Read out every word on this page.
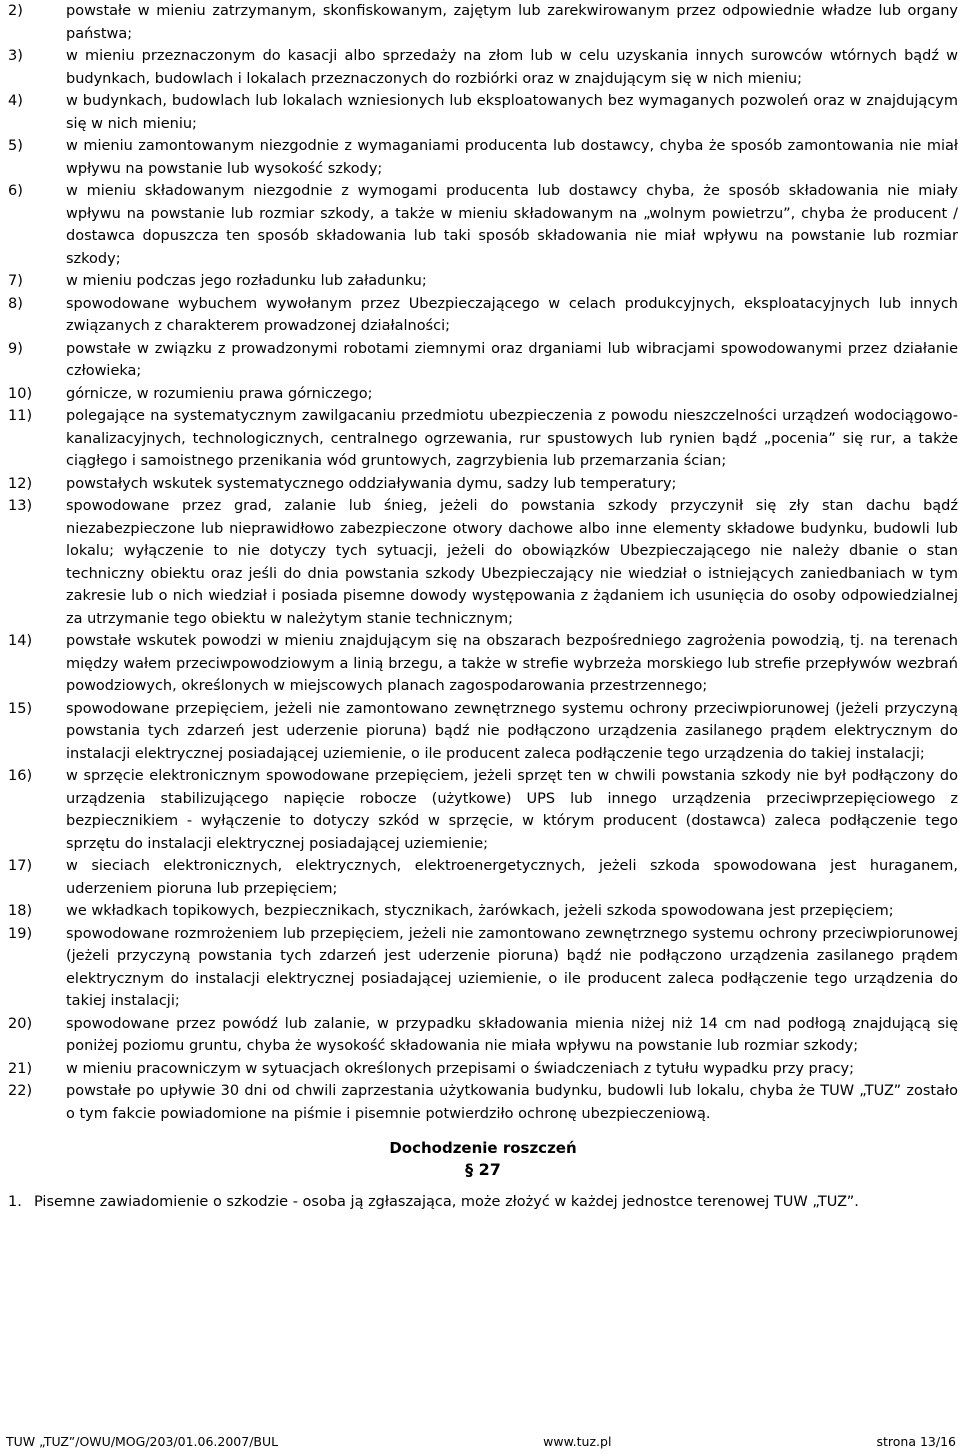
2)	powstałe w mieniu zatrzymanym, skonfiskowanym, zajętym lub zarekwirowanym przez odpowiednie władze lub organy państwa;
3)	w mieniu przeznaczonym do kasacji albo sprzedaży na złom lub w celu uzyskania innych surowców wtórnych bądź w budynkach, budowlach i lokalach przeznaczonych do rozbiórki oraz w znajdującym się w nich mieniu;
4)	w budynkach, budowlach lub lokalach wzniesionych lub eksploatowanych bez wymaganych pozwoleń oraz w znajdującym się w nich mieniu;
5)	w mieniu zamontowanym niezgodnie z wymaganiami producenta lub dostawcy, chyba że sposób zamontowania nie miał wpływu na powstanie lub wysokość szkody;
6)	w mieniu składowanym niezgodnie z wymogami producenta lub dostawcy chyba, że sposób składowania nie miały wpływu na powstanie lub rozmiar szkody, a także w mieniu składowanym na „wolnym powietrzu”, chyba że producent / dostawca dopuszcza ten sposób składowania lub taki sposób składowania nie miał wpływu na powstanie lub rozmiar szkody;
7)	w mieniu podczas jego rozładunku lub załadunku;
8)	spowodowane wybuchem wywołanym przez Ubezpieczającego w celach produkcyjnych, eksploatacyjnych lub innych związanych z charakterem prowadzonej działalności;
9)	powstałe w związku z prowadzonymi robotami ziemnymi oraz drganiami lub wibracjami spowodowanymi przez działanie człowieka;
10)	górnicze, w rozumieniu prawa górniczego;
11)	polegające na systematycznym zawilgacaniu przedmiotu ubezpieczenia z powodu nieszczelności urządzeń wodociągowo-kanalizacyjnych, technologicznych, centralnego ogrzewania, rur spustowych lub rynien bądź „pocenia” się rur, a także ciągłego i samoistnego przenikania wód gruntowych, zagrzybienia lub przemarzania ścian;
12)	powstałych wskutek systematycznego oddziaływania dymu, sadzy lub temperatury;
13)	spowodowane przez grad, zalanie lub śnieg, jeżeli do powstania szkody przyczynił się zły stan dachu bądź niezabezpieczone lub nieprawidłowo zabezpieczone otwory dachowe albo inne elementy składowe budynku, budowli lub lokalu; wyłączenie to nie dotyczy tych sytuacji, jeżeli do obowiązków Ubezpieczającego nie należy dbanie o stan techniczny obiektu oraz jeśli do dnia powstania szkody Ubezpieczający nie wiedział o istniejących zaniedbaniach w tym zakresie lub o nich wiedział i posiada pisemne dowody występowania z żądaniem ich usunięcia do osoby odpowiedzialnej za utrzymanie tego obiektu w należytym stanie technicznym;
14)	powstałe wskutek powodzi w mieniu znajdującym się na obszarach bezpośredniego zagrożenia powodzią, tj. na terenach między wałem przeciwpowodziowym a linią brzegu, a także w strefie wybrzeża morskiego lub strefie przepływów wezbrań powodziowych, określonych w miejscowych planach zagospodarowania przestrzennego;
15)	spowodowane przepięciem, jeżeli nie zamontowano zewnętrznego systemu ochrony przeciwpiorunowej (jeżeli przyczyną powstania tych zdarzeń jest uderzenie pioruna) bądź nie podłączono urządzenia zasilanego prądem elektrycznym do instalacji elektrycznej posiadającej uziemienie, o ile producent zaleca podłączenie tego urządzenia do takiej instalacji;
16)	w sprzęcie elektronicznym spowodowane przepięciem, jeżeli sprzęt ten w chwili powstania szkody nie był podłączony do urządzenia stabilizującego napięcie robocze (użytkowe) UPS lub innego urządzenia przeciwprzepięciowego z bezpiecznikiem - wyłączenie to dotyczy szkód w sprzęcie, w którym producent (dostawca) zaleca podłączenie tego sprzętu do instalacji elektrycznej posiadającej uziemienie;
17)	w sieciach elektronicznych, elektrycznych, elektroenergetycznych, jeżeli szkoda spowodowana jest huraganem, uderzeniem pioruna lub przepięciem;
18)	we wkładkach topikowych, bezpiecznikach, stycznikach, żarówkach, jeżeli szkoda spowodowana jest przepięciem;
19)	spowodowane rozmrożeniem lub przepięciem, jeżeli nie zamontowano zewnętrznego systemu ochrony przeciwpiorunowej (jeżeli przyczyną powstania tych zdarzeń jest uderzenie pioruna) bądź nie podłączono urządzenia zasilanego prądem elektrycznym do instalacji elektrycznej posiadającej uziemienie, o ile producent zaleca podłączenie tego urządzenia do takiej instalacji;
20)	spowodowane przez powódź lub zalanie, w przypadku składowania mienia niżej niż 14 cm nad podłogą znajdującą się poniżej poziomu gruntu, chyba że wysokość składowania nie miała wpływu na powstanie lub rozmiar szkody;
21)	w mieniu pracowniczym w sytuacjach określonych przepisami o świadczeniach z tytułu wypadku przy pracy;
22)	powstałe po upływie 30 dni od chwili zaprzestania użytkowania budynku, budowli lub lokalu, chyba że TUW „TUZ” zostało o tym fakcie powiadomione na piśmie i pisemnie potwierdziło ochronę ubezpieczeniową.
Dochodzenie roszczeń
§ 27
1. Pisemne zawiadomienie o szkodzie - osoba ją zgłaszająca, może złożyć w każdej jednostce terenowej TUW „TUZ”.
TUW „TUZ”/OWU/MOG/203/01.06.2007/BUL	www.tuz.pl	strona 13/16
